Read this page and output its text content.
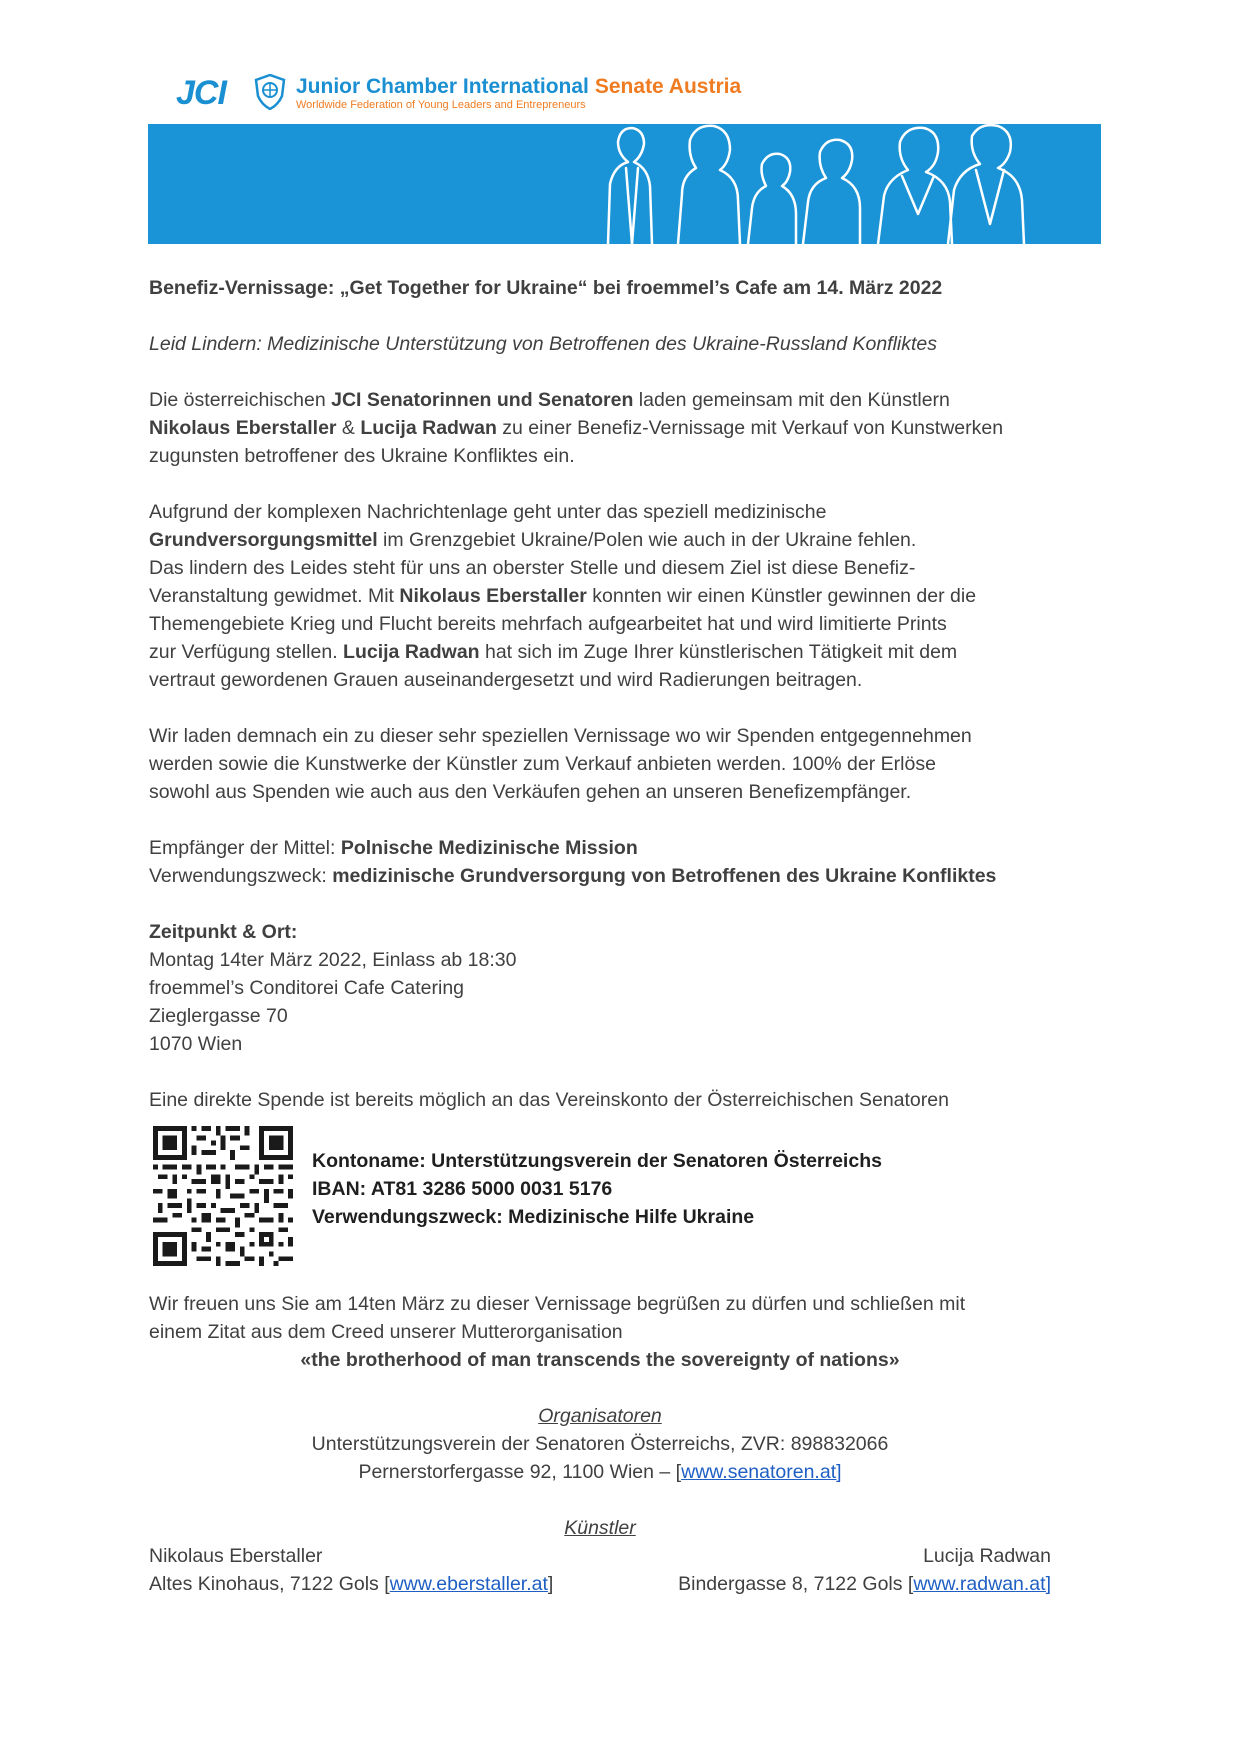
JCI	Junior Chamber International Senate Austria
Worldwide Federation of Young Leaders and Entrepreneurs
Benefiz-Vernissage: „Get Together for Ukraine“ bei froemmel’s Cafe am 14. März 2022
Leid Lindern: Medizinische Unterstützung von Betroffenen des Ukraine-Russland Konfliktes
Die österreichischen JCI Senatorinnen und Senatoren laden gemeinsam mit den Künstlern
Nikolaus Eberstaller & Lucija Radwan zu einer Benefiz-Vernissage mit Verkauf von Kunstwerken
zugunsten betroffener des Ukraine Konfliktes ein.
Aufgrund der komplexen Nachrichtenlage geht unter das speziell medizinische
Grundversorgungsmittel im Grenzgebiet Ukraine/Polen wie auch in der Ukraine fehlen.
Das lindern des Leides steht für uns an oberster Stelle und diesem Ziel ist diese Benefiz-
Veranstaltung gewidmet. Mit Nikolaus Eberstaller konnten wir einen Künstler gewinnen der die
Themengebiete Krieg und Flucht bereits mehrfach aufgearbeitet hat und wird limitierte Prints
zur Verfügung stellen. Lucija Radwan hat sich im Zuge Ihrer künstlerischen Tätigkeit mit dem
vertraut gewordenen Grauen auseinandergesetzt und wird Radierungen beitragen.
Wir laden demnach ein zu dieser sehr speziellen Vernissage wo wir Spenden entgegennehmen
werden sowie die Kunstwerke der Künstler zum Verkauf anbieten werden. 100% der Erlöse
sowohl aus Spenden wie auch aus den Verkäufen gehen an unseren Benefizempfänger.
Empfänger der Mittel: Polnische Medizinische Mission
Verwendungszweck: medizinische Grundversorgung von Betroffenen des Ukraine Konfliktes
Zeitpunkt & Ort:
Montag 14ter März 2022, Einlass ab 18:30
froemmel’s Conditorei Cafe Catering
Zieglergasse 70
1070 Wien
Eine direkte Spende ist bereits möglich an das Vereinskonto der Österreichischen Senatoren
Kontoname: Unterstützungsverein der Senatoren Österreichs
IBAN: AT81 3286 5000 0031 5176
Verwendungszweck: Medizinische Hilfe Ukraine
Wir freuen uns Sie am 14ten März zu dieser Vernissage begrüßen zu dürfen und schließen mit
einem Zitat aus dem Creed unserer Mutterorganisation
«the brotherhood of man transcends the sovereignty of nations»
Organisatoren
Unterstützungsverein der Senatoren Österreichs, ZVR: 898832066
Pernerstorfergasse 92, 1100 Wien – [www.senatoren.at]
Künstler
Nikolaus Eberstaller
Altes Kinohaus, 7122 Gols [www.eberstaller.at]
Lucija Radwan
Bindergasse 8, 7122 Gols [www.radwan.at]
